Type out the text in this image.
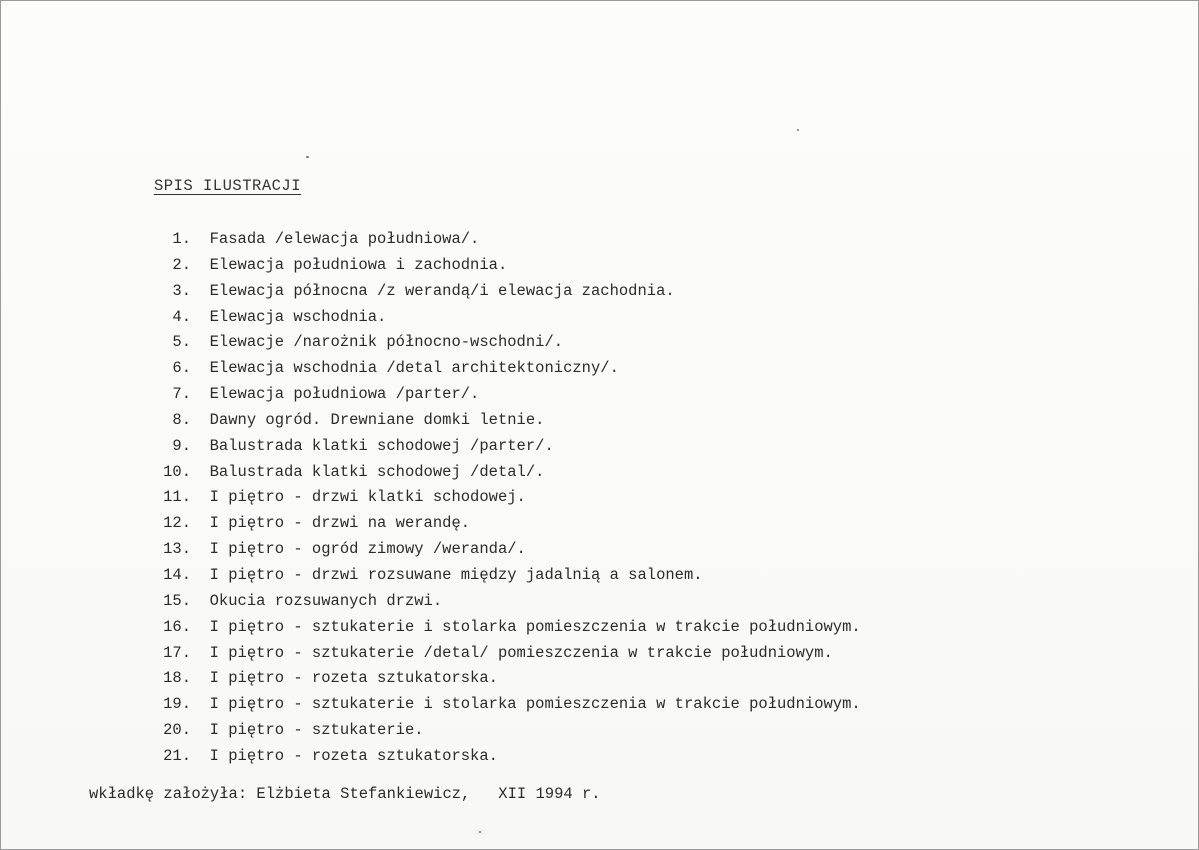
SPIS ILUSTRACJI
1.
Fasada /elewacja południowa/.
2.
Elewacja południowa i zachodnia.
3.
Elewacja północna /z werandą/i elewacja zachodnia.
4.
Elewacja wschodnia.
5.
Elewacje /narożnik północno-wschodni/.
6.
Elewacja wschodnia /detal architektoniczny/.
7.
Elewacja południowa /parter/.
8.
Dawny ogród. Drewniane domki letnie.
9.
Balustrada klatki schodowej /parter/.
10.
Balustrada klatki schodowej /detal/.
11.
I piętro - drzwi klatki schodowej.
12.
I piętro - drzwi na werandę.
13.
I piętro - ogród zimowy /weranda/.
14.
I piętro - drzwi rozsuwane między jadalnią a salonem.
15.
Okucia rozsuwanych drzwi.
16.
I piętro - sztukaterie i stolarka pomieszczenia w trakcie południowym.
17.
I piętro - sztukaterie /detal/ pomieszczenia w trakcie południowym.
18.
I piętro - rozeta sztukatorska.
19.
I piętro - sztukaterie i stolarka pomieszczenia w trakcie południowym.
20.
I piętro - sztukaterie.
21.
I piętro - rozeta sztukatorska.
wkładkę założyła: Elżbieta Stefankiewicz,   XII 1994 r.
